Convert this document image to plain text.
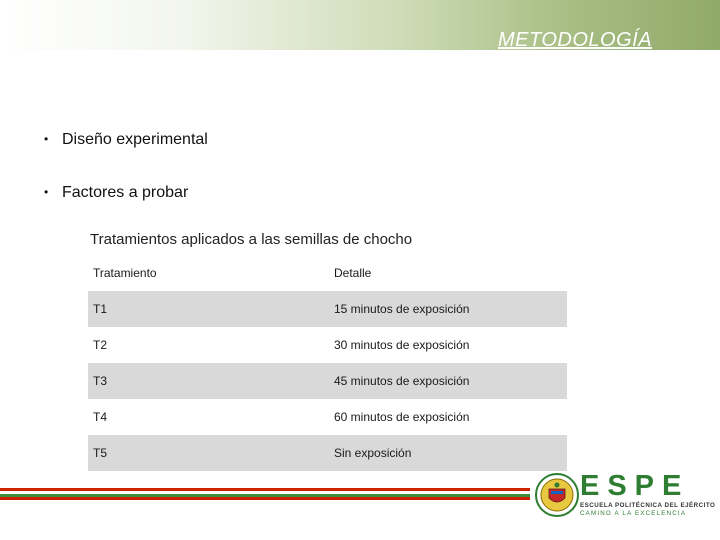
METODOLOGÍA
• Diseño experimental
• Factores a probar
Tratamientos aplicados a las semillas de chocho
Tratamiento	Detalle
T1	15 minutos de exposición
T2	30 minutos de exposición
T3	45 minutos de exposición
T4	60 minutos de exposición
T5	Sin exposición
ESPE
ESCUELA POLITÉCNICA DEL EJÉRCITO
CAMINO A LA EXCELENCIA
